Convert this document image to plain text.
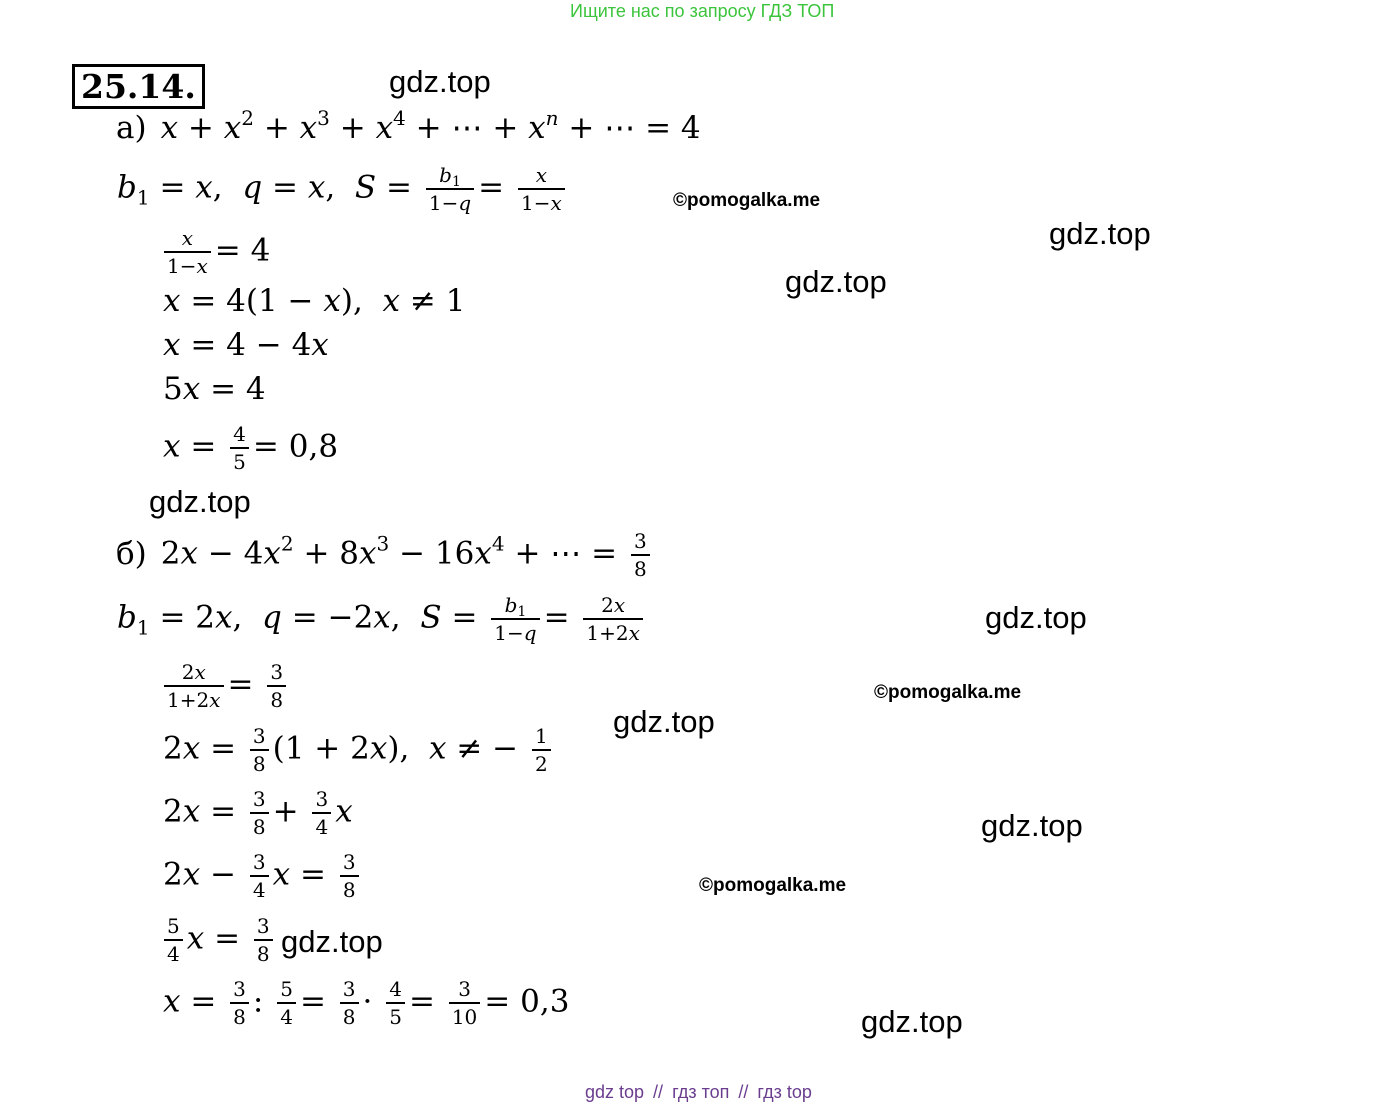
Ищите нас по запросу ГДЗ ТОП
25.14.	gdz.top
gdz.top
gdz.top
gdz.top
gdz.top
gdz.top
gdz.top
gdz.top
gdz.top
©pomogalka.me
©pomogalka.me
©pomogalka.me
а) $x + x^2 + x^3 + x^4$ + ⋯ + $x^n$ + ⋯ = 4
$b_1 = x$,  q = x,  $S = \frac{b_1}{1-q} = \frac{x}{1-x}$
$\frac{x}{1-x} = 4$
x = 4(1 − x),  x ≠ 1
x = 4 − 4x
5x = 4
$x = \frac{4}{5} = 0,8$
б) $2x - 4x^2 + 8x^3 - 16x^4$ + ⋯ = $\frac{3}{8}$
$b_1 = 2x$,  q = −2x,  $S = \frac{b_1}{1-q} = \frac{2x}{1+2x}$
$\frac{2x}{1+2x} = \frac{3}{8}$
$2x = \frac{3}{8} (1 + 2x)$,  x ≠ − $\frac{1}{2}$
$2x = \frac{3}{8} + \frac{3}{4}$ x
$2x - \frac{3}{4}$ $x = \frac{3}{8}$
$\frac{5}{4}$ $x = \frac{3}{8}$
$x = \frac{3}{8}$ : $\frac{5}{4} = \frac{3}{8} \cdot \frac{4}{5} = \frac{3}{10} = 0,3$
gdz top // гдз топ // гдз top
